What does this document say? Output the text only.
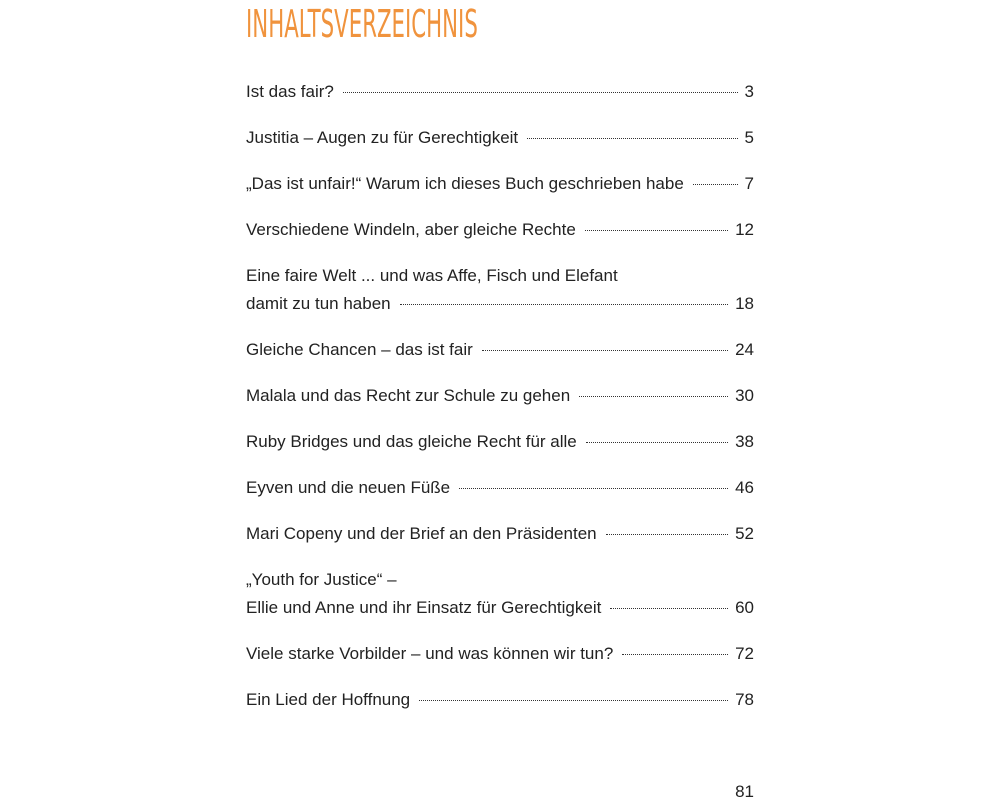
INHALTSVERZEICHNIS
Ist das fair?	3
Justitia – Augen zu für Gerechtigkeit	5
„Das ist unfair!“ Warum ich dieses Buch geschrieben habe	7
Verschiedene Windeln, aber gleiche Rechte	12
Eine faire Welt ... und was Affe, Fisch und Elefant
damit zu tun haben	18
Gleiche Chancen – das ist fair	24
Malala und das Recht zur Schule zu gehen	30
Ruby Bridges und das gleiche Recht für alle	38
Eyven und die neuen Füße	46
Mari Copeny und der Brief an den Präsidenten	52
„Youth for Justice“ –
Ellie und Anne und ihr Einsatz für Gerechtigkeit	60
Viele starke Vorbilder – und was können wir tun?	72
Ein Lied der Hoffnung	78
81
